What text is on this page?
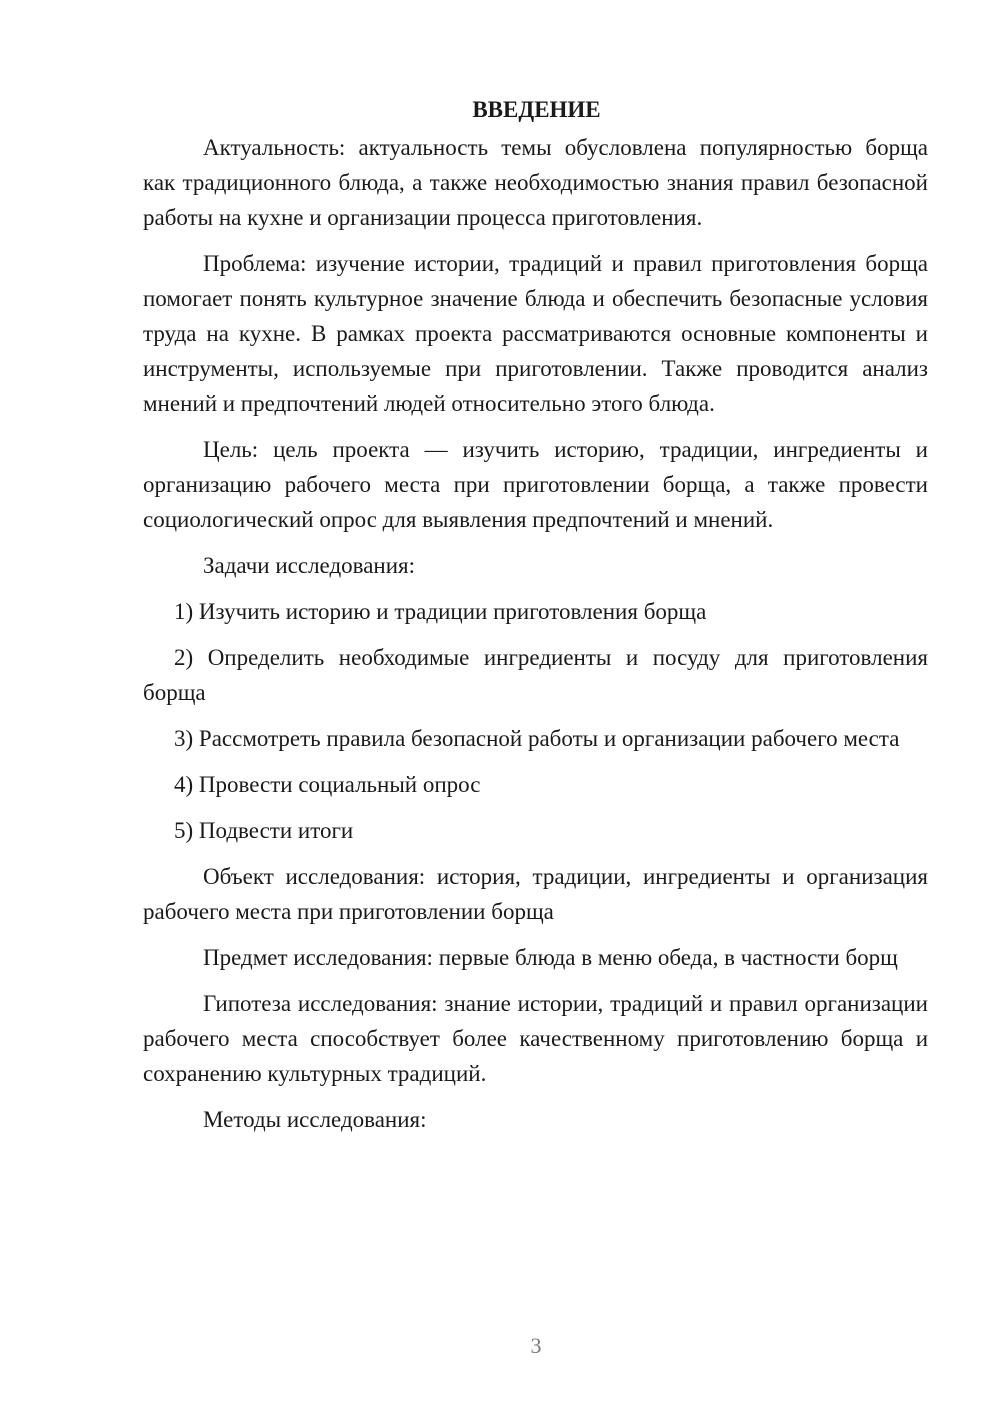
ВВЕДЕНИЕ

Актуальность: актуальность темы обусловлена популярностью борща как традиционного блюда, а также необходимостью знания правил безопасной работы на кухне и организации процесса приготовления.

Проблема: изучение истории, традиций и правил приготовления борща помогает понять культурное значение блюда и обеспечить безопасные условия труда на кухне. В рамках проекта рассматриваются основные компоненты и инструменты, используемые при приготовлении. Также проводится анализ мнений и предпочтений людей относительно этого блюда.

Цель: цель проекта — изучить историю, традиции, ингредиенты и организацию рабочего места при приготовлении борща, а также провести социологический опрос для выявления предпочтений и мнений.

Задачи исследования:

1) Изучить историю и традиции приготовления борща

2) Определить необходимые ингредиенты и посуду для приготовления борща

3) Рассмотреть правила безопасной работы и организации рабочего места

4) Провести социальный опрос

5) Подвести итоги

Объект исследования: история, традиции, ингредиенты и организация рабочего места при приготовлении борща

Предмет исследования: первые блюда в меню обеда, в частности борщ

Гипотеза исследования: знание истории, традиций и правил организации рабочего места способствует более качественному приготовлению борща и сохранению культурных традиций.

Методы исследования:

3
